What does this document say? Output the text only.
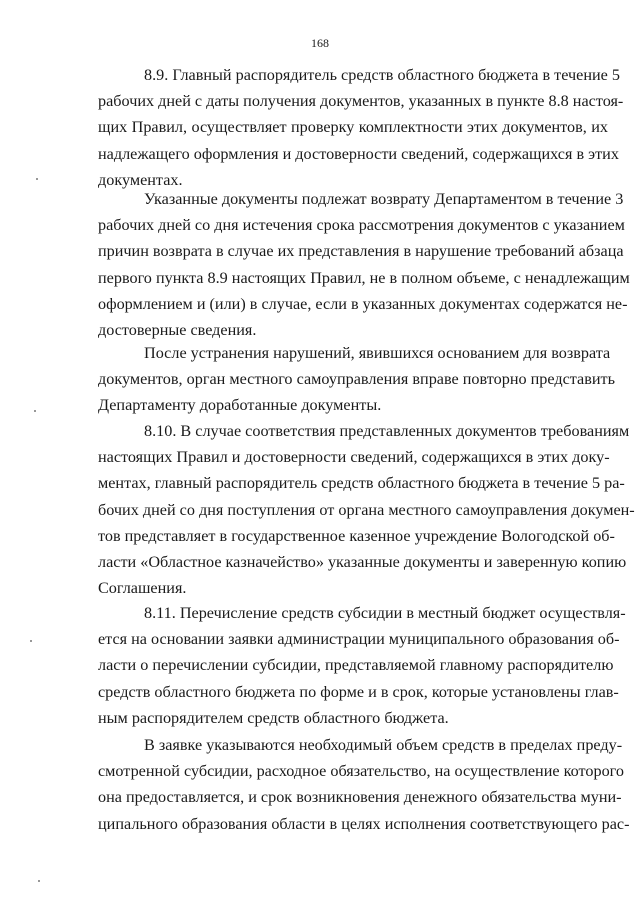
168
8.9. Главный распорядитель средств областного бюджета в течение 5
рабочих дней с даты получения документов, указанных в пункте 8.8 настоя-
щих Правил, осуществляет проверку комплектности этих документов, их
надлежащего оформления и достоверности сведений, содержащихся в этих
документах.
Указанные документы подлежат возврату Департаментом в течение 3
рабочих дней со дня истечения срока рассмотрения документов с указанием
причин возврата в случае их представления в нарушение требований абзаца
первого пункта 8.9 настоящих Правил, не в полном объеме, с ненадлежащим
оформлением и (или) в случае, если в указанных документах содержатся не-
достоверные сведения.
После устранения нарушений, явившихся основанием для возврата
документов, орган местного самоуправления вправе повторно представить
Департаменту доработанные документы.
8.10. В случае соответствия представленных документов требованиям
настоящих Правил и достоверности сведений, содержащихся в этих доку-
ментах, главный распорядитель средств областного бюджета в течение 5 ра-
бочих дней со дня поступления от органа местного самоуправления докумен-
тов представляет в государственное казенное учреждение Вологодской об-
ласти «Областное казначейство» указанные документы и заверенную копию
Соглашения.
8.11. Перечисление средств субсидии в местный бюджет осуществля-
ется на основании заявки администрации муниципального образования об-
ласти о перечислении субсидии, представляемой главному распорядителю
средств областного бюджета по форме и в срок, которые установлены глав-
ным распорядителем средств областного бюджета.
В заявке указываются необходимый объем средств в пределах преду-
смотренной субсидии, расходное обязательство, на осуществление которого
она предоставляется, и срок возникновения денежного обязательства муни-
ципального образования области в целях исполнения соответствующего рас-
